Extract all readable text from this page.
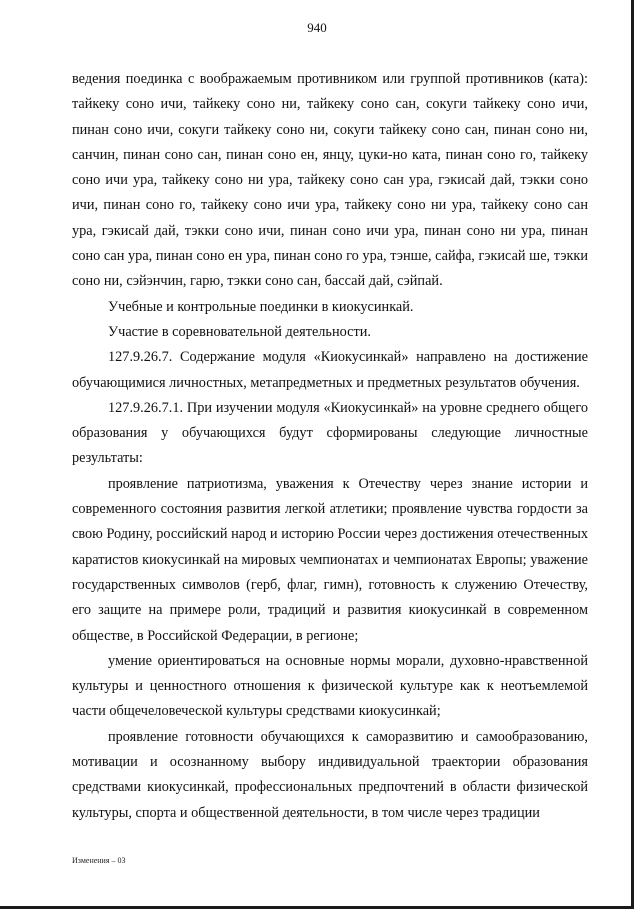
940

ведения поединка с воображаемым противником или группой противников (ката): тайкеку соно ичи, тайкеку соно ни, тайкеку соно сан, сокуги тайкеку соно ичи, пинан соно ичи, сокуги тайкеку соно ни, сокуги тайкеку соно сан, пинан соно ни, санчин, пинан соно сан, пинан соно ен, янцу, цуки-но ката, пинан соно го, тайкеку соно ичи ура, тайкеку соно ни ура, тайкеку соно сан ура, гэкисай дай, тэкки соно ичи, пинан соно го, тайкеку соно ичи ура, тайкеку соно ни ура, тайкеку соно сан ура, гэкисай дай, тэкки соно ичи, пинан соно ичи ура, пинан соно ни ура, пинан соно сан ура, пинан соно ен ура, пинан соно го ура, тэнше, сайфа, гэкисай ше, тэкки соно ни, сэйэнчин, гарю, тэкки соно сан, бассай дай, сэйпай.

Учебные и контрольные поединки в киокусинкай.

Участие в соревновательной деятельности.

127.9.26.7. Содержание модуля «Киокусинкай» направлено на достижение обучающимися личностных, метапредметных и предметных результатов обучения.

127.9.26.7.1. При изучении модуля «Киокусинкай» на уровне среднего общего образования у обучающихся будут сформированы следующие личностные результаты:

проявление патриотизма, уважения к Отечеству через знание истории и современного состояния развития легкой атлетики; проявление чувства гордости за свою Родину, российский народ и историю России через достижения отечественных каратистов киокусинкай на мировых чемпионатах и чемпионатах Европы; уважение государственных символов (герб, флаг, гимн), готовность к служению Отечеству, его защите на примере роли, традиций и развития киокусинкай в современном обществе, в Российской Федерации, в регионе;

умение ориентироваться на основные нормы морали, духовно-нравственной культуры и ценностного отношения к физической культуре как к неотъемлемой части общечеловеческой культуры средствами киокусинкай;

проявление готовности обучающихся к саморазвитию и самообразованию, мотивации и осознанному выбору индивидуальной траектории образования средствами киокусинкай, профессиональных предпочтений в области физической культуры, спорта и общественной деятельности, в том числе через традиции

Изменения – 03
